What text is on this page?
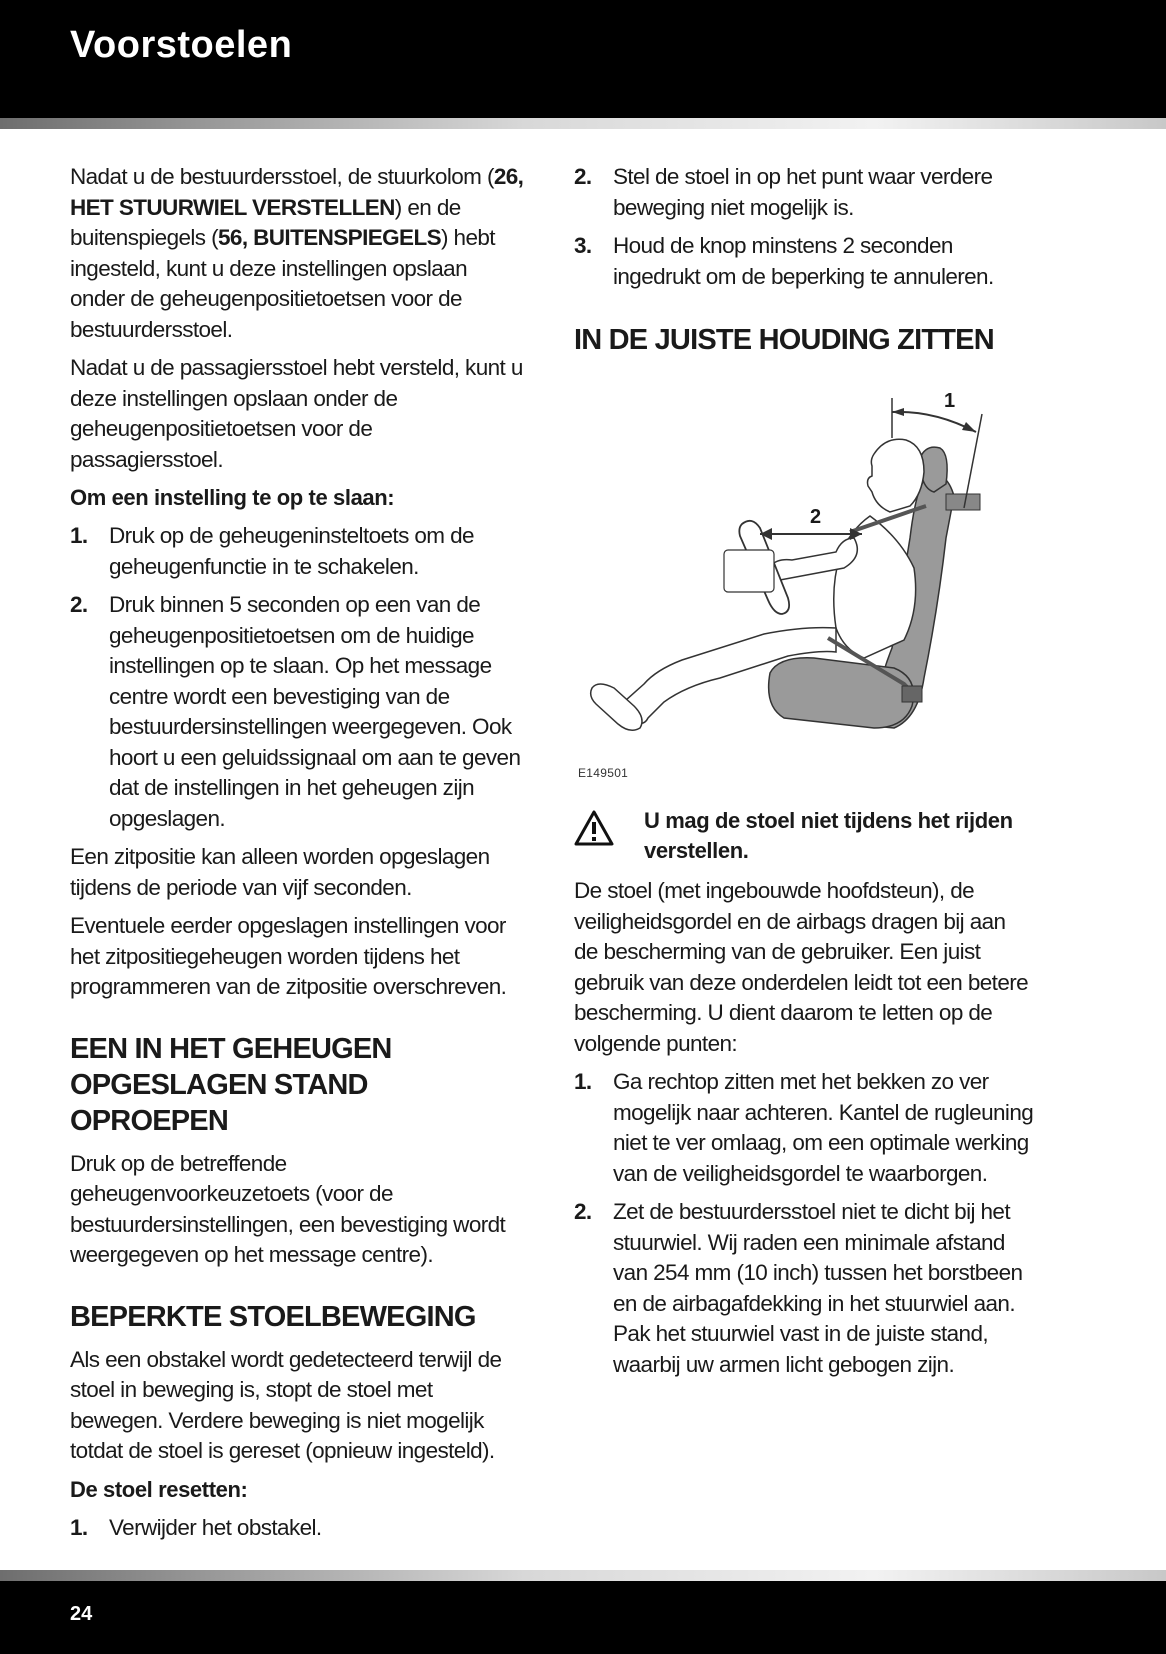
Voorstoelen

Nadat u de bestuurdersstoel, de stuurkolom (26, HET STUURWIEL VERSTELLEN) en de buitenspiegels (56, BUITENSPIEGELS) hebt ingesteld, kunt u deze instellingen opslaan onder de geheugenpositietoetsen voor de bestuurdersstoel.

Nadat u de passagiersstoel hebt versteld, kunt u deze instellingen opslaan onder de geheugenpositietoetsen voor de passagiersstoel.

Om een instelling te op te slaan:
1. Druk op de geheugeninsteltoets om de geheugenfunctie in te schakelen.
2. Druk binnen 5 seconden op een van de geheugenpositietoetsen om de huidige instellingen op te slaan. Op het message centre wordt een bevestiging van de bestuurdersinstellingen weergegeven. Ook hoort u een geluidssignaal om aan te geven dat de instellingen in het geheugen zijn opgeslagen.

Een zitpositie kan alleen worden opgeslagen tijdens de periode van vijf seconden.

Eventuele eerder opgeslagen instellingen voor het zitpositiegeheugen worden tijdens het programmeren van de zitpositie overschreven.

EEN IN HET GEHEUGEN OPGESLAGEN STAND OPROEPEN

Druk op de betreffende geheugenvoorkeuzetoets (voor de bestuurdersinstellingen, een bevestiging wordt weergegeven op het message centre).

BEPERKTE STOELBEWEGING

Als een obstakel wordt gedetecteerd terwijl de stoel in beweging is, stopt de stoel met bewegen. Verdere beweging is niet mogelijk totdat de stoel is gereset (opnieuw ingesteld).

De stoel resetten:
1. Verwijder het obstakel.
2. Stel de stoel in op het punt waar verdere beweging niet mogelijk is.
3. Houd de knop minstens 2 seconden ingedrukt om de beperking te annuleren.
IN DE JUISTE HOUDING ZITTEN
1
2
E149501
U mag de stoel niet tijdens het rijden verstellen.

De stoel (met ingebouwde hoofdsteun), de veiligheidsgordel en de airbags dragen bij aan de bescherming van de gebruiker. Een juist gebruik van deze onderdelen leidt tot een betere bescherming. U dient daarom te letten op de volgende punten:

1. Ga rechtop zitten met het bekken zo ver mogelijk naar achteren. Kantel de rugleuning niet te ver omlaag, om een optimale werking van de veiligheidsgordel te waarborgen.
2. Zet de bestuurdersstoel niet te dicht bij het stuurwiel. Wij raden een minimale afstand van 254 mm (10 inch) tussen het borstbeen en de airbagafdekking in het stuurwiel aan. Pak het stuurwiel vast in de juiste stand, waarbij uw armen licht gebogen zijn.
24
